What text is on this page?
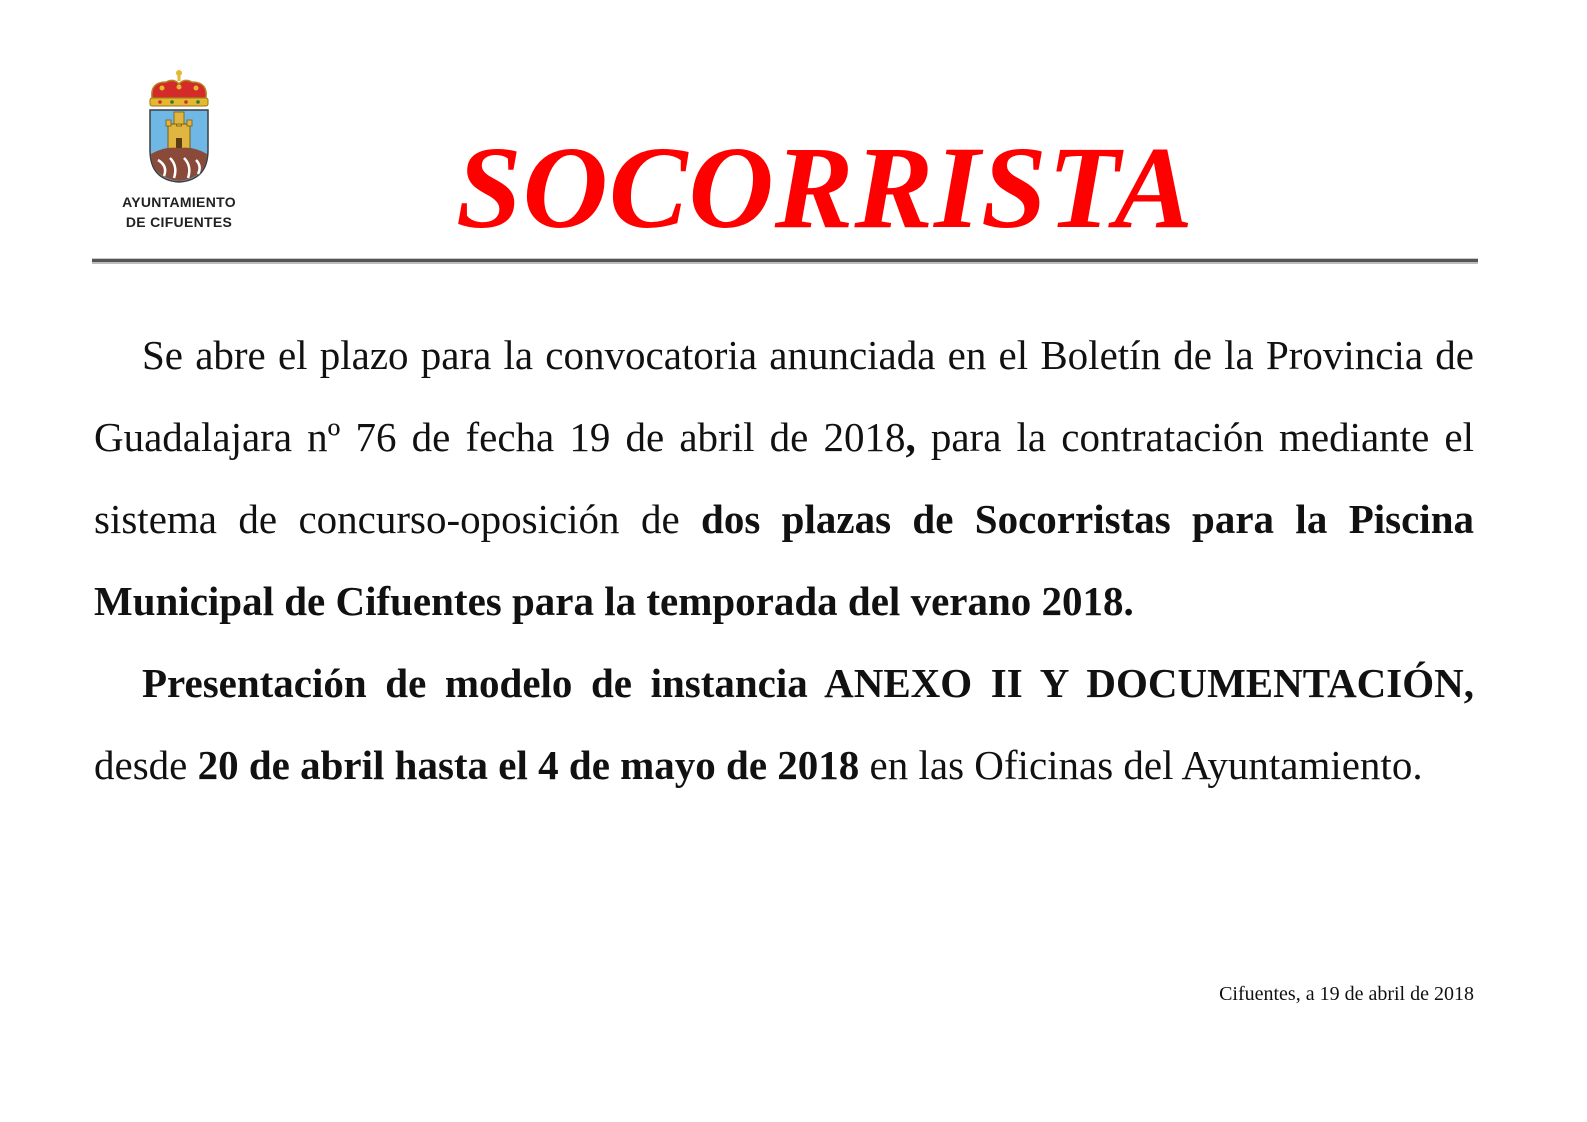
AYUNTAMIENTO
DE CIFUENTES SOCORRISTA

Se abre el plazo para la convocatoria anunciada en el Boletín de la Provincia de Guadalajara nº 76 de fecha 19 de abril de 2018, para la contratación mediante el sistema de concurso-oposición de dos plazas de Socorristas para la Piscina Municipal de Cifuentes para la temporada del verano 2018.

Presentación de modelo de instancia ANEXO II Y DOCUMENTACIÓN, desde 20 de abril hasta el 4 de mayo de 2018 en las Oficinas del Ayuntamiento.

Cifuentes, a 19 de abril de 2018
